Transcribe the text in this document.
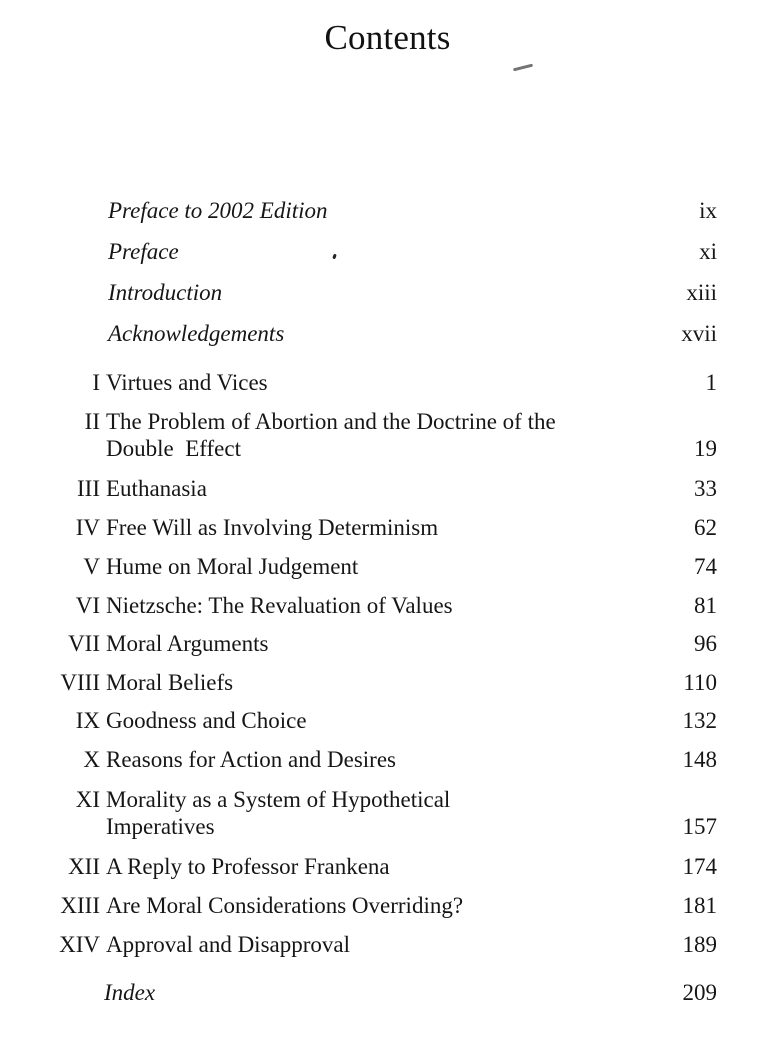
Contents
Preface to 2002 Edition	ix
Preface	xi
Introduction	xiii
Acknowledgements	xvii
I Virtues and Vices	1
II The Problem of Abortion and the Doctrine of the
Double  Effect	19
III Euthanasia	33
IV Free Will as Involving Determinism	62
V Hume on Moral Judgement	74
VI Nietzsche: The Revaluation of Values	81
VII Moral Arguments	96
VIII Moral Beliefs	110
IX Goodness and Choice	132
X Reasons for Action and Desires	148
XI Morality as a System of Hypothetical
Imperatives	157
XII A Reply to Professor Frankena	174
XIII Are Moral Considerations Overriding?	181
XIV Approval and Disapproval	189
Index	209
